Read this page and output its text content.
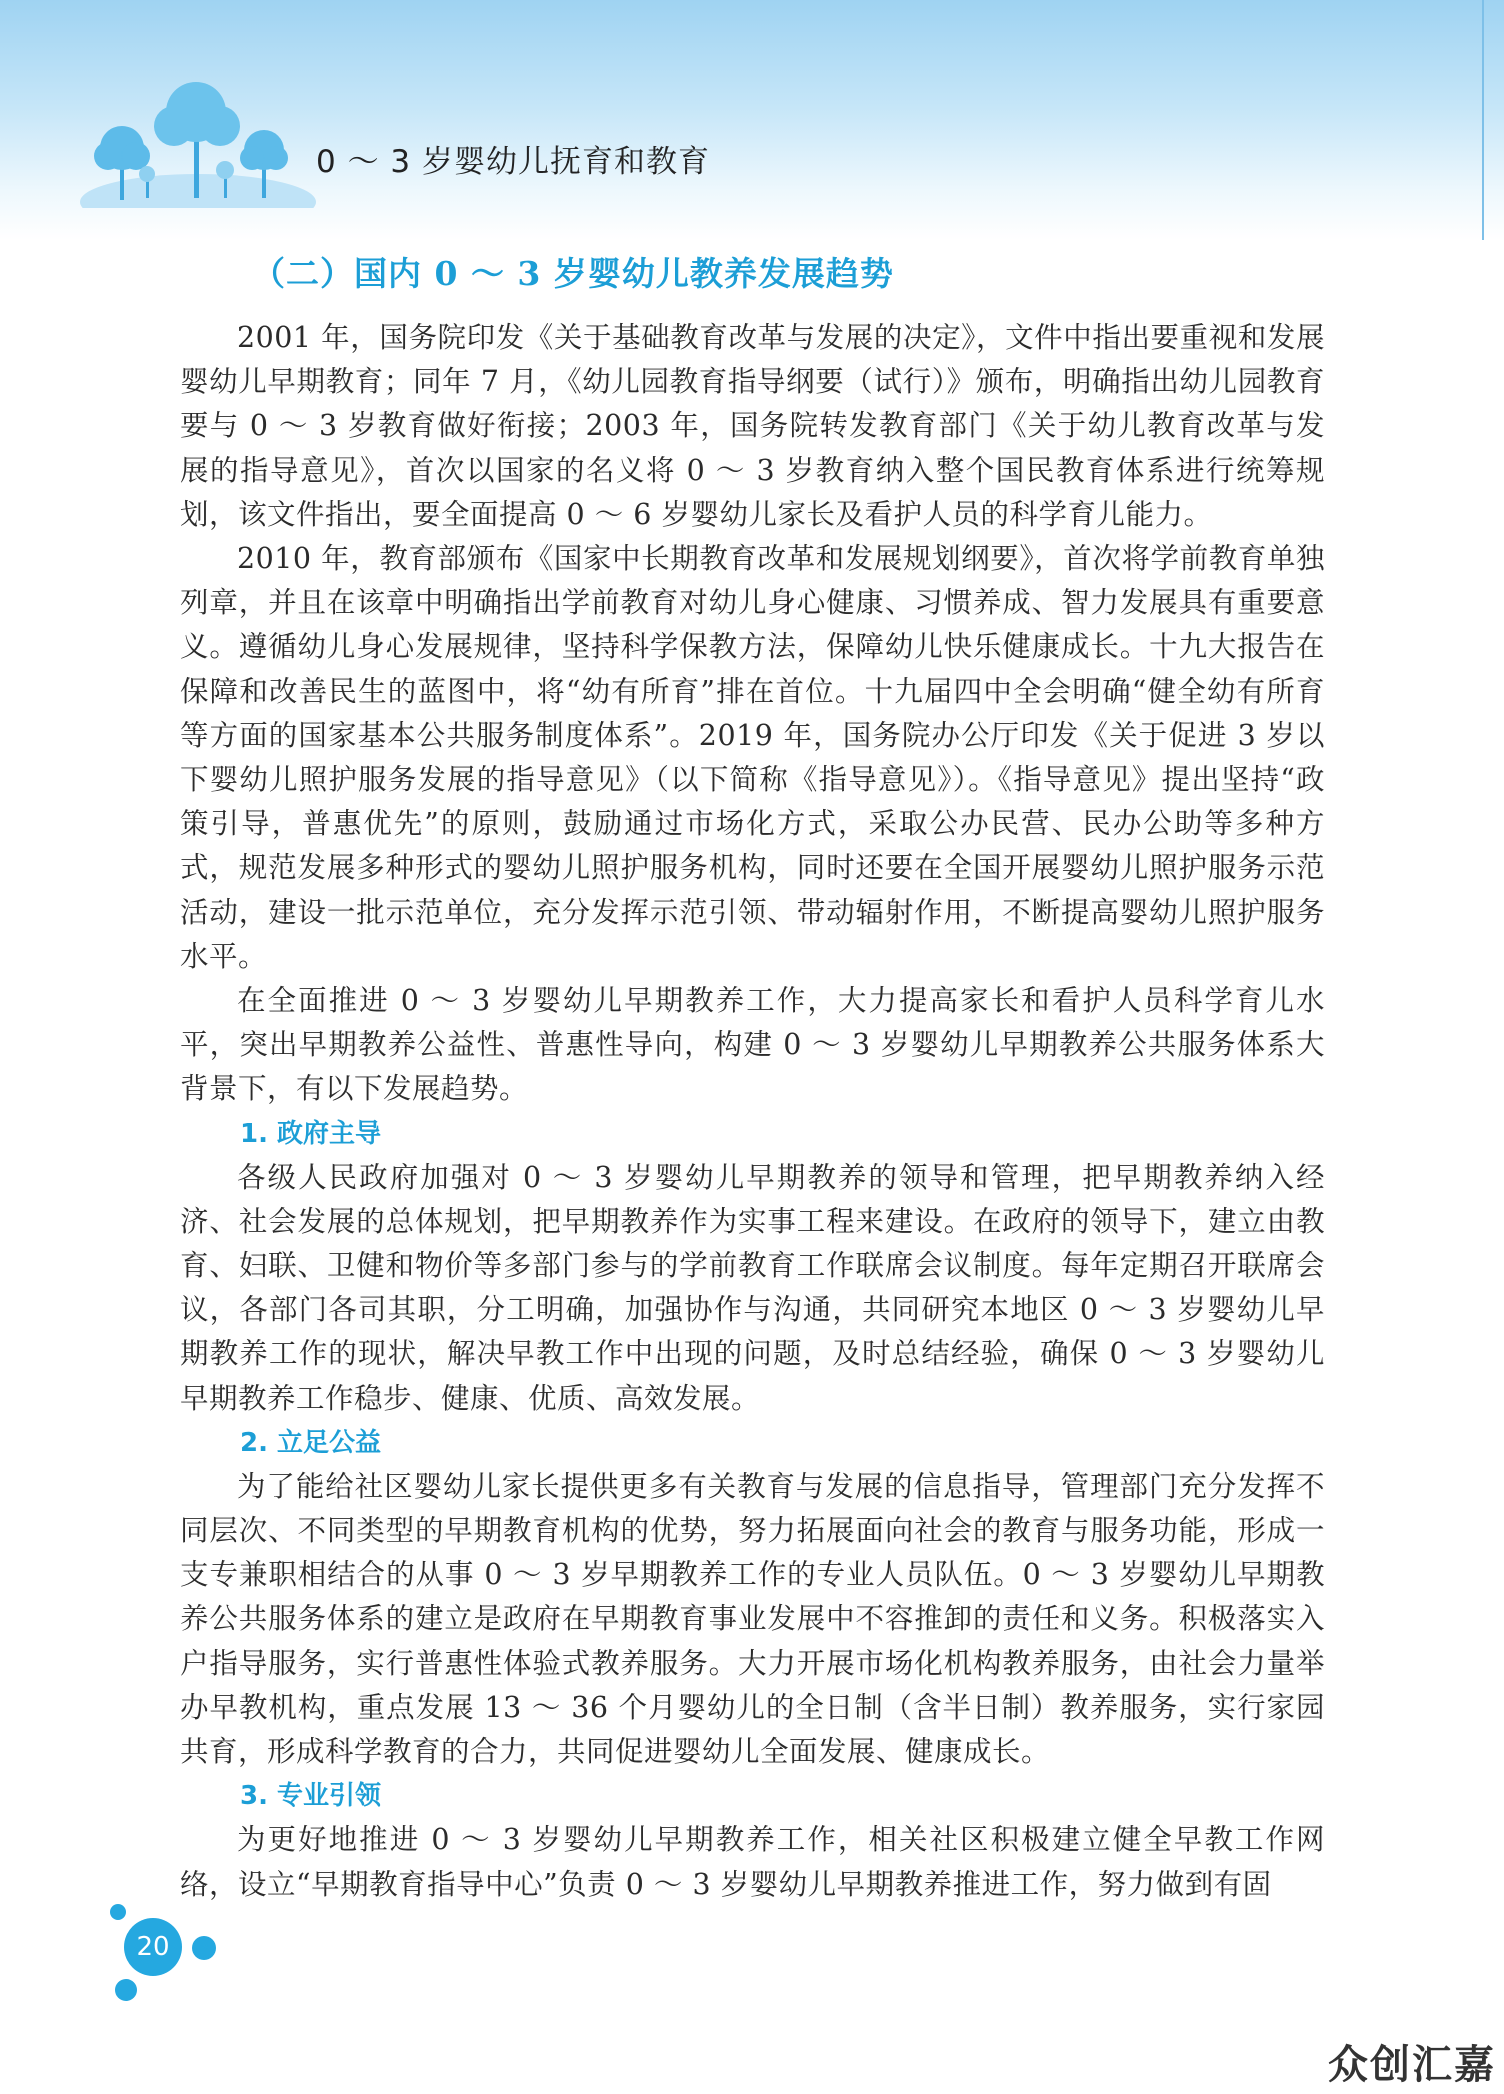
0 ～ 3 岁婴幼儿抚育和教育
（二）国内 0 ～ 3 岁婴幼儿教养发展趋势

2001 年，国务院印发《关于基础教育改革与发展的决定》，文件中指出要重视和发展婴幼儿早期教育；同年 7 月，《幼儿园教育指导纲要（试行）》颁布，明确指出幼儿园教育要与 0 ～ 3 岁教育做好衔接；2003 年，国务院转发教育部门《关于幼儿教育改革与发展的指导意见》，首次以国家的名义将 0 ～ 3 岁教育纳入整个国民教育体系进行统筹规划，该文件指出，要全面提高 0 ～ 6 岁婴幼儿家长及看护人员的科学育儿能力。

2010 年，教育部颁布《国家中长期教育改革和发展规划纲要》，首次将学前教育单独列章，并且在该章中明确指出学前教育对幼儿身心健康、习惯养成、智力发展具有重要意义。遵循幼儿身心发展规律，坚持科学保教方法，保障幼儿快乐健康成长。十九大报告在保障和改善民生的蓝图中，将“幼有所育”排在首位。十九届四中全会明确“健全幼有所育等方面的国家基本公共服务制度体系”。2019 年，国务院办公厅印发《关于促进 3 岁以下婴幼儿照护服务发展的指导意见》（以下简称《指导意见》）。《指导意见》提出坚持“政策引导，普惠优先”的原则，鼓励通过市场化方式，采取公办民营、民办公助等多种方式，规范发展多种形式的婴幼儿照护服务机构，同时还要在全国开展婴幼儿照护服务示范活动，建设一批示范单位，充分发挥示范引领、带动辐射作用，不断提高婴幼儿照护服务水平。

在全面推进 0 ～ 3 岁婴幼儿早期教养工作，大力提高家长和看护人员科学育儿水平，突出早期教养公益性、普惠性导向，构建 0 ～ 3 岁婴幼儿早期教养公共服务体系大背景下，有以下发展趋势。

1. 政府主导

各级人民政府加强对 0 ～ 3 岁婴幼儿早期教养的领导和管理，把早期教养纳入经济、社会发展的总体规划，把早期教养作为实事工程来建设。在政府的领导下，建立由教育、妇联、卫健和物价等多部门参与的学前教育工作联席会议制度。每年定期召开联席会议，各部门各司其职，分工明确，加强协作与沟通，共同研究本地区 0 ～ 3 岁婴幼儿早期教养工作的现状，解决早教工作中出现的问题，及时总结经验，确保 0 ～ 3 岁婴幼儿早期教养工作稳步、健康、优质、高效发展。

2. 立足公益

为了能给社区婴幼儿家长提供更多有关教育与发展的信息指导，管理部门充分发挥不同层次、不同类型的早期教育机构的优势，努力拓展面向社会的教育与服务功能，形成一支专兼职相结合的从事 0 ～ 3 岁早期教养工作的专业人员队伍。0 ～ 3 岁婴幼儿早期教养公共服务体系的建立是政府在早期教育事业发展中不容推卸的责任和义务。积极落实入户指导服务，实行普惠性体验式教养服务。大力开展市场化机构教养服务，由社会力量举办早教机构，重点发展 13 ～ 36 个月婴幼儿的全日制（含半日制）教养服务，实行家园共育，形成科学教育的合力，共同促进婴幼儿全面发展、健康成长。

3. 专业引领

为更好地推进 0 ～ 3 岁婴幼儿早期教养工作，相关社区积极建立健全早教工作网络，设立“早期教育指导中心”负责 0 ～ 3 岁婴幼儿早期教养推进工作，努力做到有固

20
众创汇嘉
